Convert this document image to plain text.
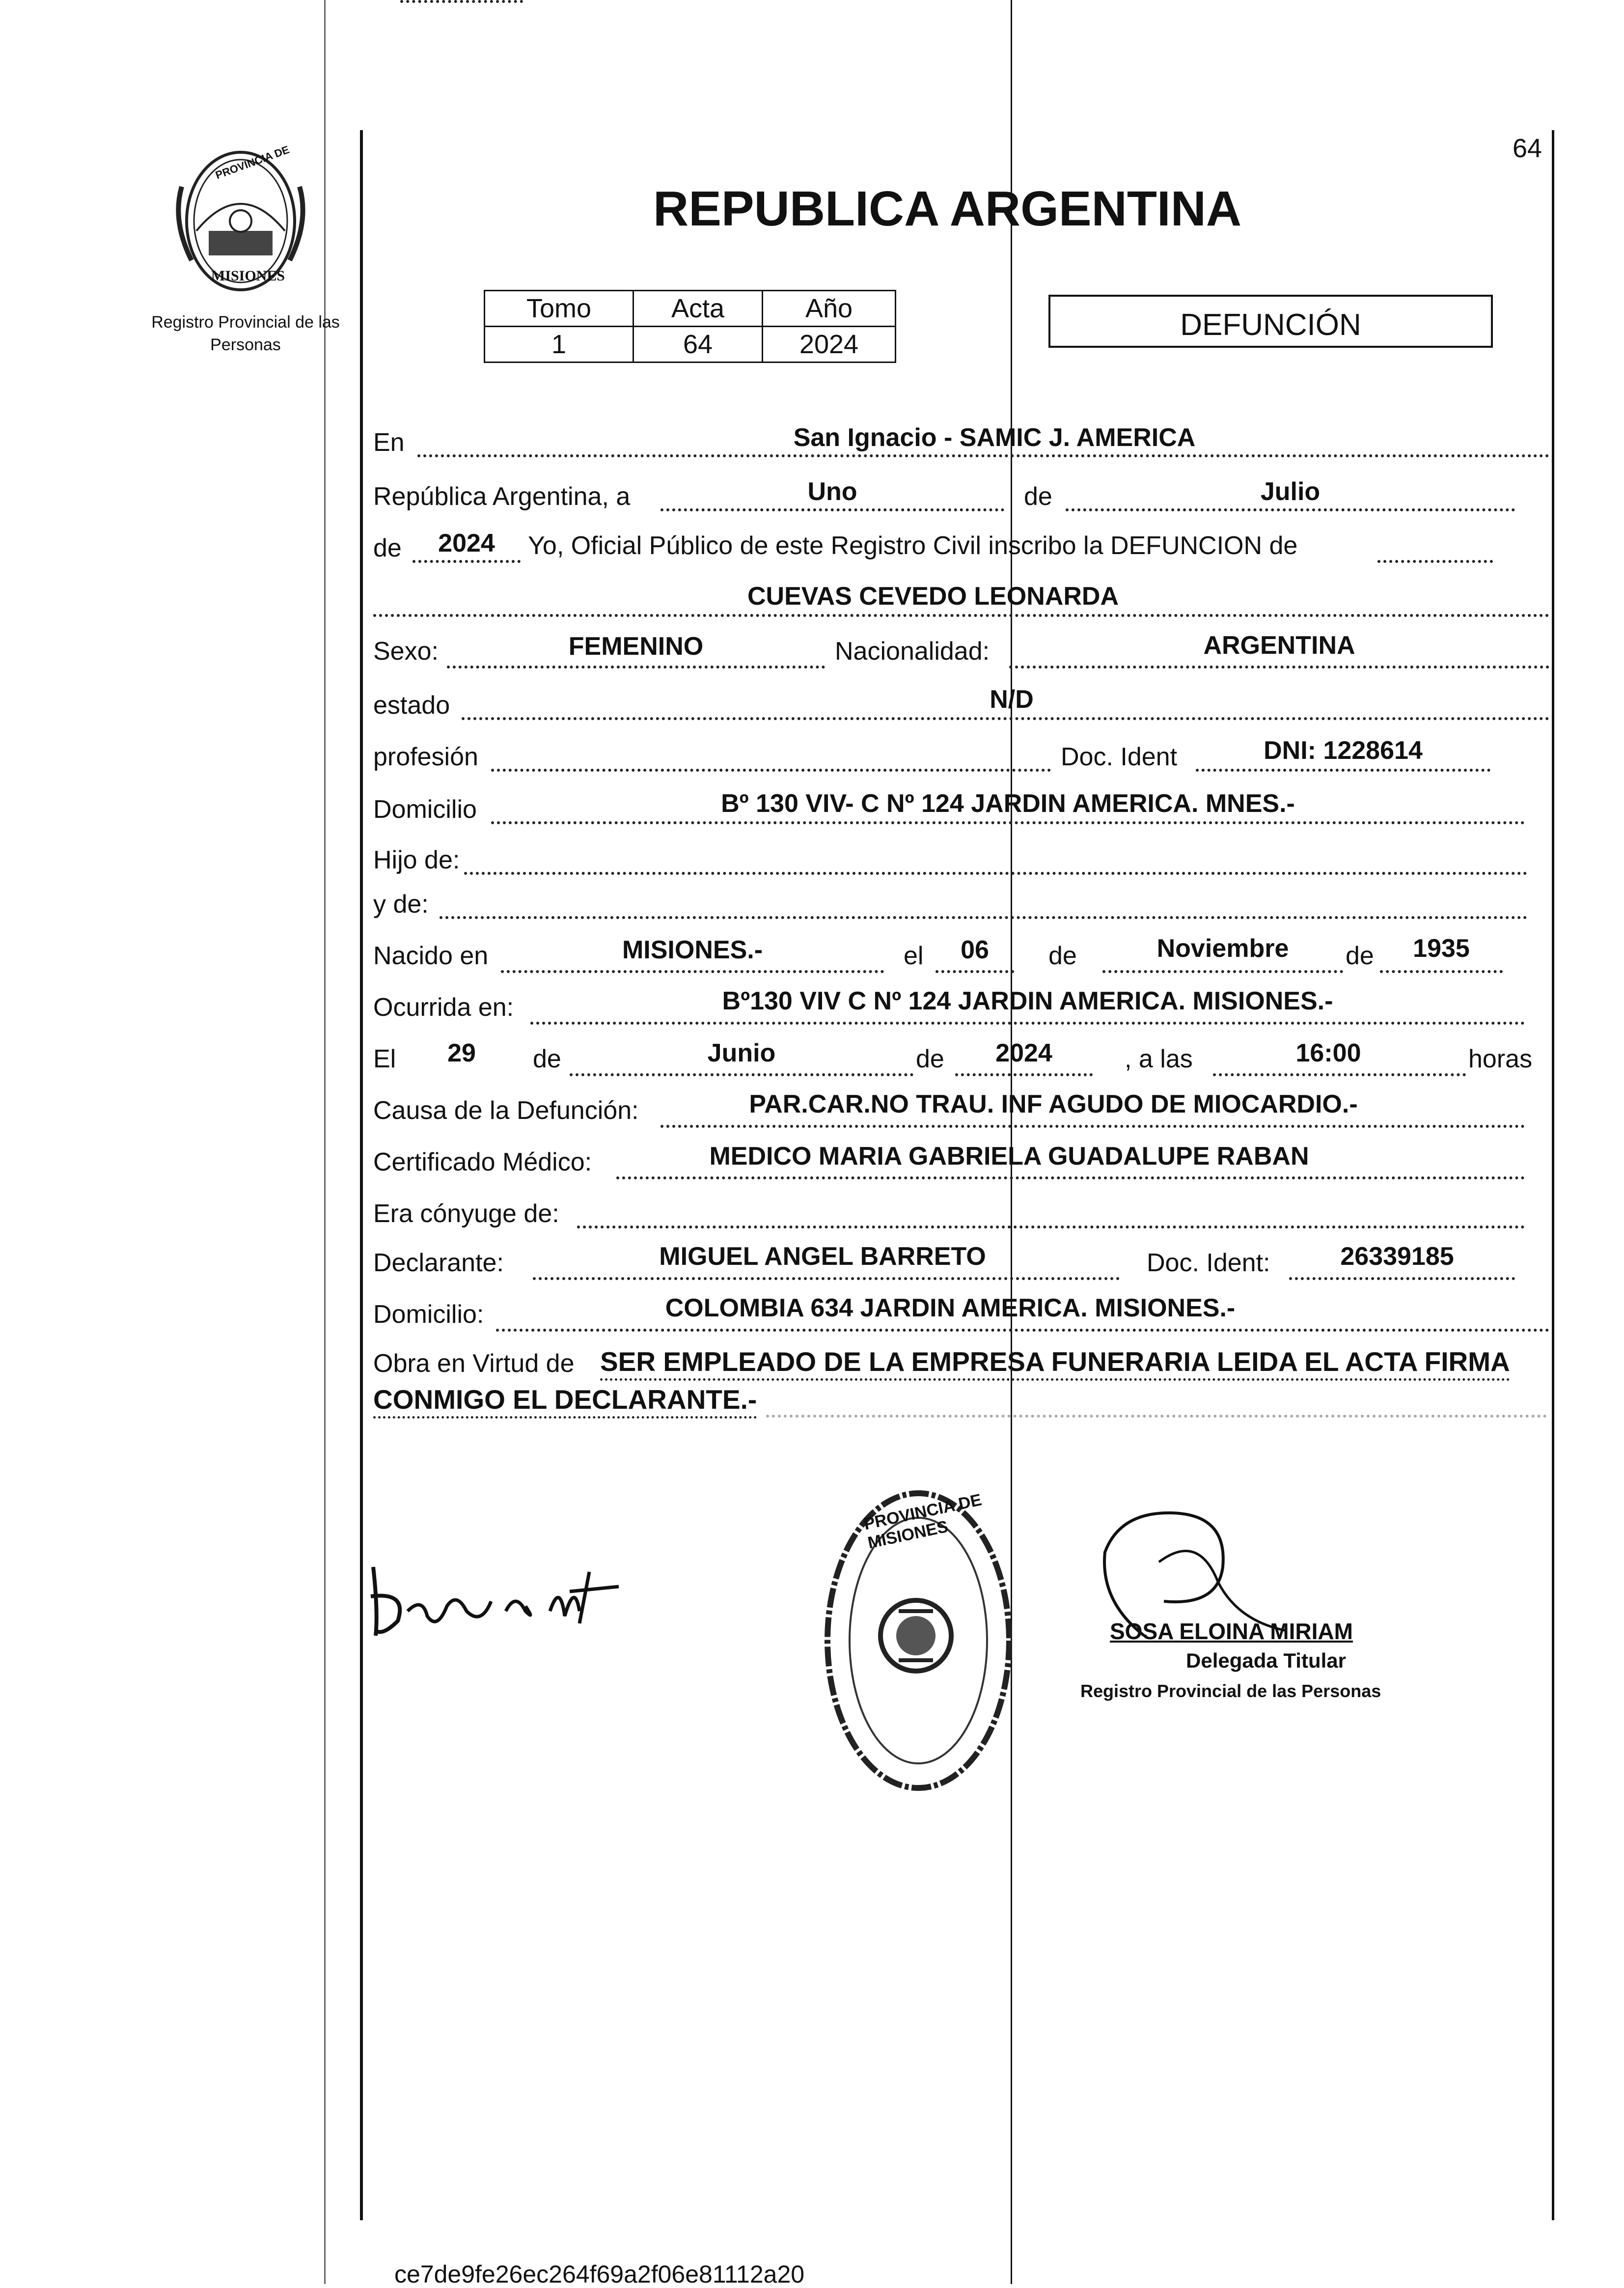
64
PROVINCIA DE
MISIONES
Registro Provincial de las Personas
REPUBLICA ARGENTINA
Tomo	Acta	Año
1	64	2024
DEFUNCIÓN
En	San Ignacio - SAMIC J. AMERICA
República Argentina, a	Uno	de	Julio
de	2024	Yo, Oficial Público de este Registro Civil inscribo la DEFUNCION de
CUEVAS CEVEDO LEONARDA
Sexo:	FEMENINO	Nacionalidad:	ARGENTINA
estado	N/D
profesión	Doc. Ident	DNI: 1228614
Domicilio	Bº 130 VIV- C Nº 124 JARDIN AMERICA. MNES.-
Hijo de:
y de:
Nacido en	MISIONES.-	el	06	de	Noviembre	de	1935
Ocurrida en:	Bº130 VIV C Nº 124 JARDIN AMERICA. MISIONES.-
El	29	de	Junio	de	2024	, a las	16:00	horas
Causa de la Defunción:	PAR.CAR.NO TRAU. INF AGUDO DE MIOCARDIO.-
Certificado Médico:	MEDICO MARIA GABRIELA GUADALUPE RABAN
Era cónyuge de:
Declarante:	MIGUEL ANGEL BARRETO	Doc. Ident:	26339185
Domicilio:	COLOMBIA 634 JARDIN AMERICA. MISIONES.-
Obra en Virtud de SER EMPLEADO DE LA EMPRESA FUNERARIA LEIDA EL ACTA FIRMA
CONMIGO EL DECLARANTE.-
PROVINCIA DE MISIONES
SOSA ELOINA MIRIAM
Delegada Titular
Registro Provincial de las Personas
ce7de9fe26ec264f69a2f06e81112a20
